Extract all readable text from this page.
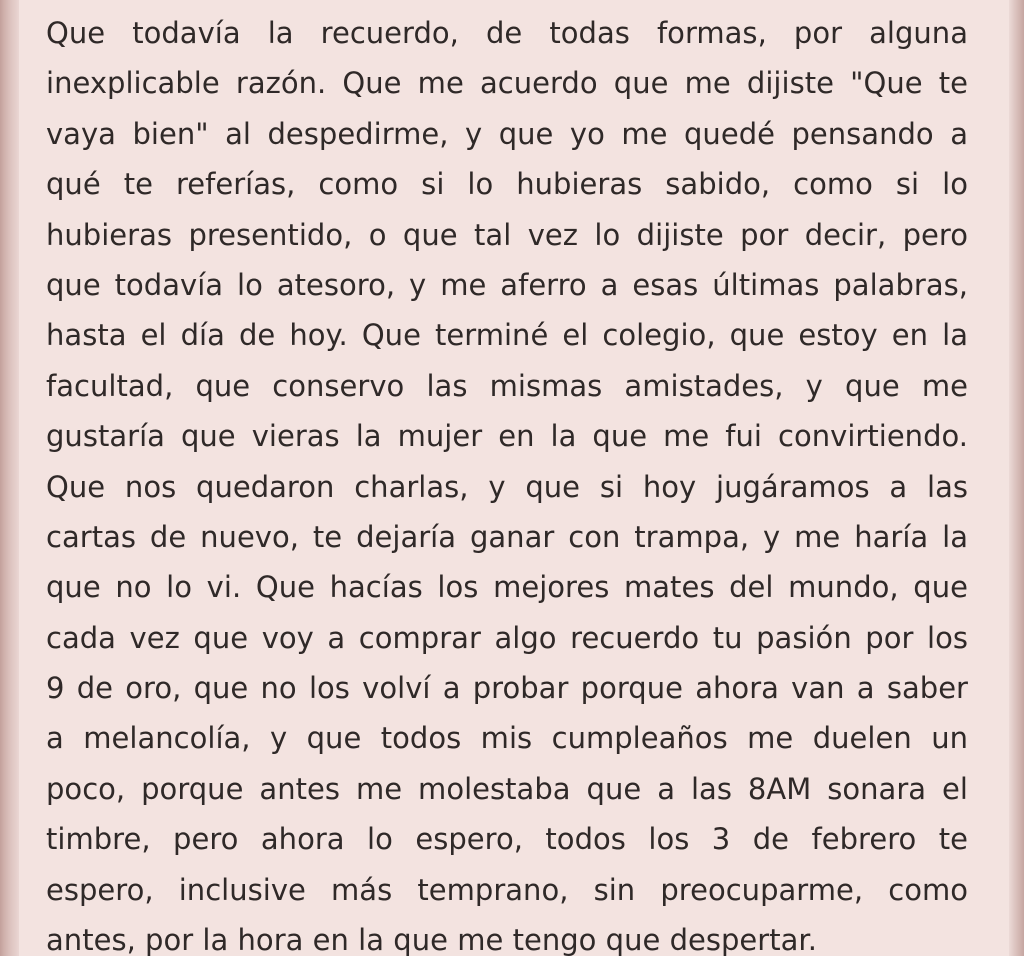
Que todavía la recuerdo, de todas formas, por alguna
inexplicable razón. Que me acuerdo que me dijiste "Que te
vaya bien" al despedirme, y que yo me quedé pensando a
qué te referías, como si lo hubieras sabido, como si lo
hubieras presentido, o que tal vez lo dijiste por decir, pero
que todavía lo atesoro, y me aferro a esas últimas palabras,
hasta el día de hoy. Que terminé el colegio, que estoy en la
facultad, que conservo las mismas amistades, y que me
gustaría que vieras la mujer en la que me fui convirtiendo.
Que nos quedaron charlas, y que si hoy jugáramos a las
cartas de nuevo, te dejaría ganar con trampa, y me haría la
que no lo vi. Que hacías los mejores mates del mundo, que
cada vez que voy a comprar algo recuerdo tu pasión por los
9 de oro, que no los volví a probar porque ahora van a saber
a melancolía, y que todos mis cumpleaños me duelen un
poco, porque antes me molestaba que a las 8AM sonara el
timbre, pero ahora lo espero, todos los 3 de febrero te
espero, inclusive más temprano, sin preocuparme, como
antes, por la hora en la que me tengo que despertar.
